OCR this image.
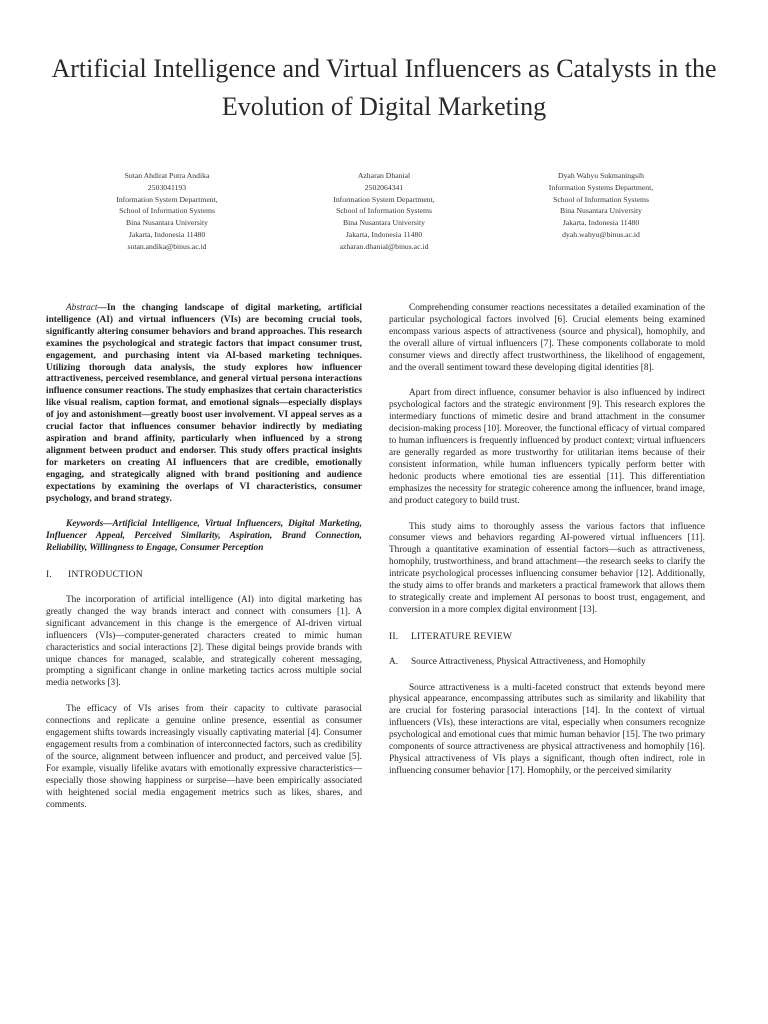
Artificial Intelligence and Virtual Influencers as Catalysts in the Evolution of Digital Marketing
Sutan Ahdirat Putra Andika
2503041193
Information System Department,
School of Information Systems
Bina Nusantara University
Jakarta, Indonesia 11480
sutan.andika@binus.ac.id
Azharan Dhanial
2502064341
Information System Department,
School of Information Systems
Bina Nusantara University
Jakarta, Indonesia 11480
azharan.dhanial@binus.ac.id
Dyah Wahyu Sukmaningsih
Information Systems Department,
School of Information Systems
Bina Nusantara University
Jakarta, Indonesia 11480
dyah.wahyu@binus.ac.id

Abstract—In the changing landscape of digital marketing, artificial intelligence (AI) and virtual influencers (VIs) are becoming crucial tools, significantly altering consumer behaviors and brand approaches. This research examines the psychological and strategic factors that impact consumer trust, engagement, and purchasing intent via AI-based marketing techniques. Utilizing thorough data analysis, the study explores how influencer attractiveness, perceived resemblance, and general virtual persona interactions influence consumer reactions. The study emphasizes that certain characteristics like visual realism, caption format, and emotional signals—especially displays of joy and astonishment—greatly boost user involvement. VI appeal serves as a crucial factor that influences consumer behavior indirectly by mediating aspiration and brand affinity, particularly when influenced by a strong alignment between product and endorser. This study offers practical insights for marketers on creating AI influencers that are credible, emotionally engaging, and strategically aligned with brand positioning and audience expectations by examining the overlaps of VI characteristics, consumer psychology, and brand strategy.

Keywords—Artificial Intelligence, Virtual Influencers, Digital Marketing, Influencer Appeal, Perceived Similarity, Aspiration, Brand Connection, Reliability, Willingness to Engage, Consumer Perception

I. INTRODUCTION

The incorporation of artificial intelligence (AI) into digital marketing has greatly changed the way brands interact and connect with consumers [1]. A significant advancement in this change is the emergence of AI-driven virtual influencers (VIs)—computer-generated characters created to mimic human characteristics and social interactions [2]. These digital beings provide brands with unique chances for managed, scalable, and strategically coherent messaging, prompting a significant change in online marketing tactics across multiple social media networks [3].

The efficacy of VIs arises from their capacity to cultivate parasocial connections and replicate a genuine online presence, essential as consumer engagement shifts towards increasingly visually captivating material [4]. Consumer engagement results from a combination of interconnected factors, such as credibility of the source, alignment between influencer and product, and perceived value [5]. For example, visually lifelike avatars with emotionally expressive characteristics—especially those showing happiness or surprise—have been empirically associated with heightened social media engagement metrics such as likes, shares, and comments.

Comprehending consumer reactions necessitates a detailed examination of the particular psychological factors involved [6]. Crucial elements being examined encompass various aspects of attractiveness (source and physical), homophily, and the overall allure of virtual influencers [7]. These components collaborate to mold consumer views and directly affect trustworthiness, the likelihood of engagement, and the overall sentiment toward these developing digital identities [8].

Apart from direct influence, consumer behavior is also influenced by indirect psychological factors and the strategic environment [9]. This research explores the intermediary functions of mimetic desire and brand attachment in the consumer decision-making process [10]. Moreover, the functional efficacy of virtual compared to human influencers is frequently influenced by product context; virtual influencers are generally regarded as more trustworthy for utilitarian items because of their consistent information, while human influencers typically perform better with hedonic products where emotional ties are essential [11]. This differentiation emphasizes the necessity for strategic coherence among the influencer, brand image, and product category to build trust.

This study aims to thoroughly assess the various factors that influence consumer views and behaviors regarding AI-powered virtual influencers [11]. Through a quantitative examination of essential factors—such as attractiveness, homophily, trustworthiness, and brand attachment—the research seeks to clarify the intricate psychological processes influencing consumer behavior [12]. Additionally, the study aims to offer brands and marketers a practical framework that allows them to strategically create and implement AI personas to boost trust, engagement, and conversion in a more complex digital environment [13].

II. LITERATURE REVIEW

A. Source Attractiveness, Physical Attractiveness, and Homophily

Source attractiveness is a multi-faceted construct that extends beyond mere physical appearance, encompassing attributes such as similarity and likability that are crucial for fostering parasocial interactions [14]. In the context of virtual influencers (VIs), these interactions are vital, especially when consumers recognize psychological and emotional cues that mimic human behavior [15]. The two primary components of source attractiveness are physical attractiveness and homophily [16]. Physical attractiveness of VIs plays a significant, though often indirect, role in influencing consumer behavior [17]. Homophily, or the perceived similarity
